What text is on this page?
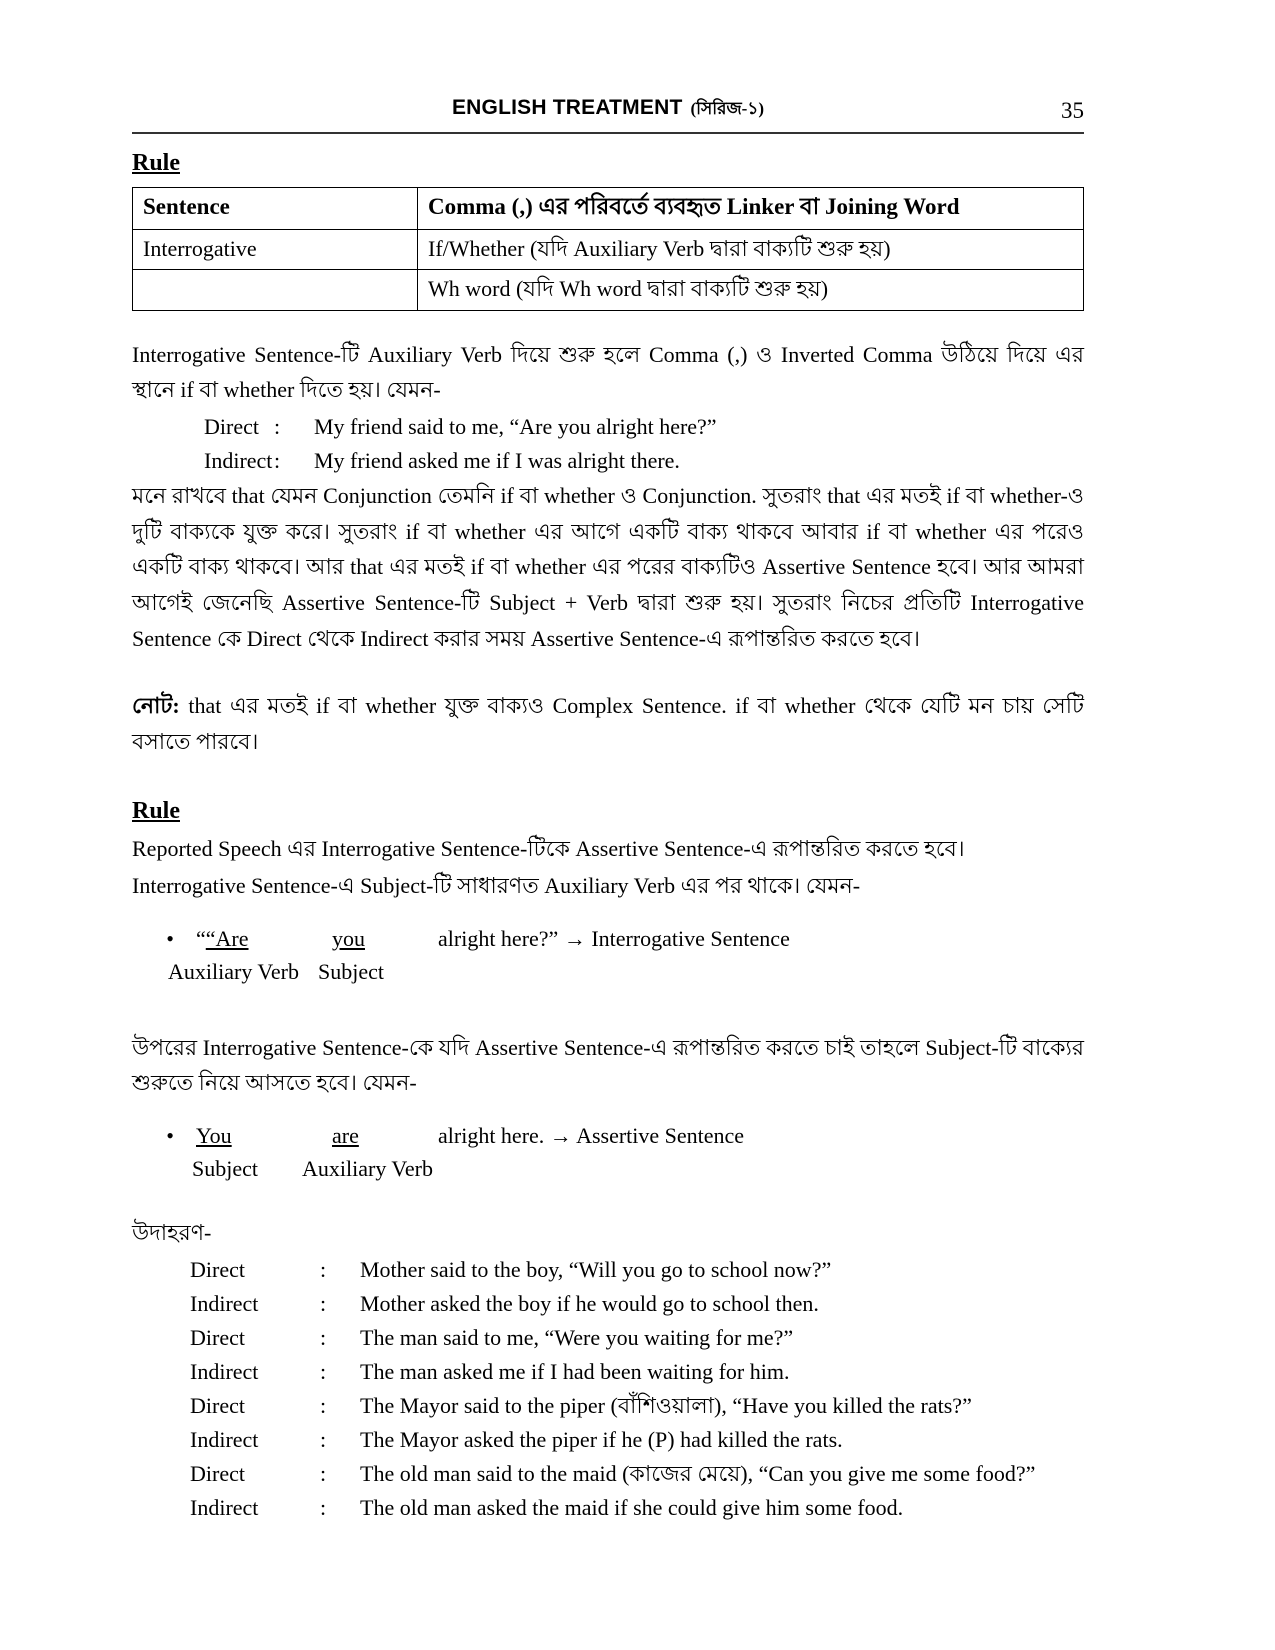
ENGLISH TREATMENT (সিরিজ-১)	35
Rule
Sentence	Comma (,) এর পরিবর্তে ব্যবহৃত Linker বা Joining Word
Interrogative	If/Whether (যদি Auxiliary Verb দ্বারা বাক্যটি শুরু হয়)
	Wh word (যদি Wh word দ্বারা বাক্যটি শুরু হয়)

Interrogative Sentence-টি Auxiliary Verb দিয়ে শুরু হলে Comma (,) ও Inverted Comma উঠিয়ে দিয়ে এর স্থানে if বা whether দিতে হয়। যেমন-

Direct :	My friend said to me, “Are you alright here?”
Indirect :	My friend asked me if I was alright there.

মনে রাখবে that যেমন Conjunction তেমনি if বা whether ও Conjunction. সুতরাং that এর মতই if বা whether-ও দুটি বাক্যকে যুক্ত করে। সুতরাং if বা whether এর আগে একটি বাক্য থাকবে আবার if বা whether এর পরেও একটি বাক্য থাকবে। আর that এর মতই if বা whether এর পরের বাক্যটিও Assertive Sentence হবে। আর আমরা আগেই জেনেছি Assertive Sentence-টি Subject + Verb দ্বারা শুরু হয়। সুতরাং নিচের প্রতিটি Interrogative Sentence কে Direct থেকে Indirect করার সময় Assertive Sentence-এ রূপান্তরিত করতে হবে।

নোট: that এর মতই if বা whether যুক্ত বাক্যও Complex Sentence. if বা whether থেকে যেটি মন চায় সেটি বসাতে পারবে।

Rule

Reported Speech এর Interrogative Sentence-টিকে Assertive Sentence-এ রূপান্তরিত করতে হবে।

Interrogative Sentence-এ Subject-টি সাধারণত Auxiliary Verb এর পর থাকে। যেমন-

•	““Are	you	alright here?” → Interrogative Sentence
Auxiliary Verb Subject

উপরের Interrogative Sentence-কে যদি Assertive Sentence-এ রূপান্তরিত করতে চাই তাহলে Subject-টি বাক্যের শুরুতে নিয়ে আসতে হবে। যেমন-

•	You	are	alright here. → Assertive Sentence
Subject	Auxiliary Verb

উদাহরণ-

Direct	:	Mother said to the boy, “Will you go to school now?”
Indirect	:	Mother asked the boy if he would go to school then.
Direct	:	The man said to me, “Were you waiting for me?”
Indirect	:	The man asked me if I had been waiting for him.
Direct	:	The Mayor said to the piper (বাঁশিওয়ালা), “Have you killed the rats?”
Indirect	:	The Mayor asked the piper if he (P) had killed the rats.
Direct	:	The old man said to the maid (কাজের মেয়ে), “Can you give me some food?”
Indirect	:	The old man asked the maid if she could give him some food.
